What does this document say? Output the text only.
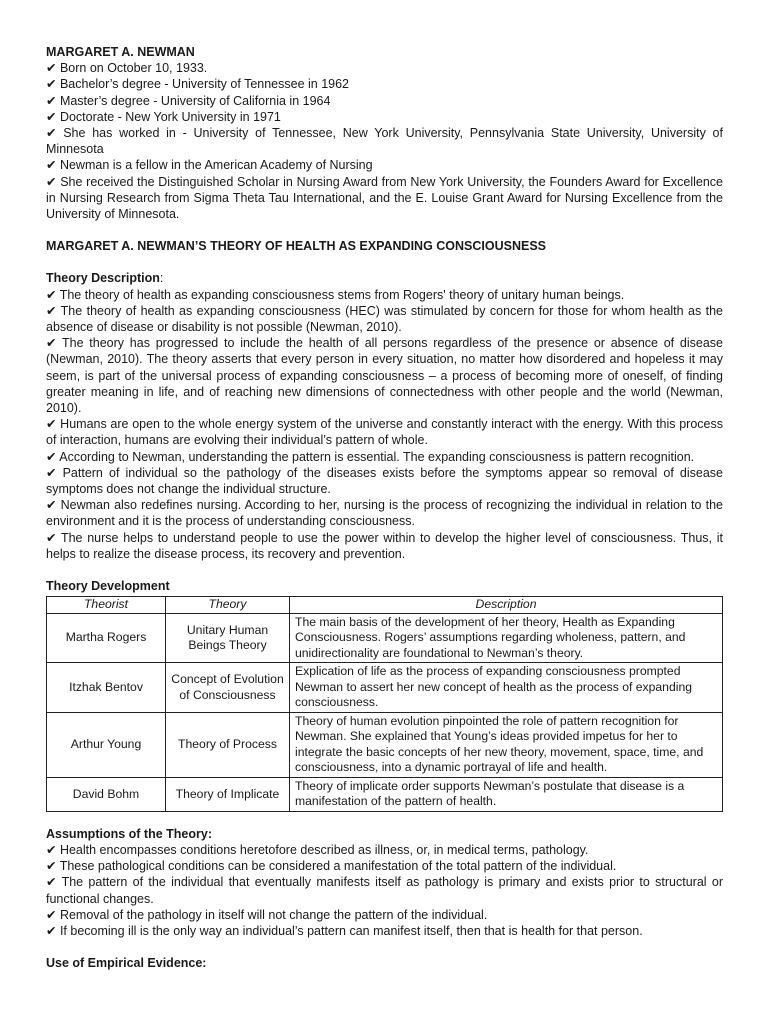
MARGARET A. NEWMAN

✔ Born on October 10, 1933.
✔ Bachelor’s degree - University of Tennessee in 1962
✔ Master’s degree - University of California in 1964
✔ Doctorate - New York University in 1971
✔ She has worked in - University of Tennessee, New York University, Pennsylvania State University, University of Minnesota
✔ Newman is a fellow in the American Academy of Nursing
✔ She received the Distinguished Scholar in Nursing Award from New York University, the Founders Award for Excellence in Nursing Research from Sigma Theta Tau International, and the E. Louise Grant Award for Nursing Excellence from the University of Minnesota.

MARGARET A. NEWMAN’S THEORY OF HEALTH AS EXPANDING CONSCIOUSNESS

Theory Description:

✔ The theory of health as expanding consciousness stems from Rogers' theory of unitary human beings.
✔ The theory of health as expanding consciousness (HEC) was stimulated by concern for those for whom health as the absence of disease or disability is not possible (Newman, 2010).
✔ The theory has progressed to include the health of all persons regardless of the presence or absence of disease (Newman, 2010). The theory asserts that every person in every situation, no matter how disordered and hopeless it may seem, is part of the universal process of expanding consciousness – a process of becoming more of oneself, of finding greater meaning in life, and of reaching new dimensions of connectedness with other people and the world (Newman, 2010).
✔ Humans are open to the whole energy system of the universe and constantly interact with the energy. With this process of interaction, humans are evolving their individual’s pattern of whole.
✔ According to Newman, understanding the pattern is essential. The expanding consciousness is pattern recognition.
✔ Pattern of individual so the pathology of the diseases exists before the symptoms appear so removal of disease symptoms does not change the individual structure.
✔ Newman also redefines nursing. According to her, nursing is the process of recognizing the individual in relation to the environment and it is the process of understanding consciousness.
✔ The nurse helps to understand people to use the power within to develop the higher level of consciousness. Thus, it helps to realize the disease process, its recovery and prevention.

Theory Development

Theorist	Theory	Description
Martha Rogers	Unitary Human Beings Theory	The main basis of the development of her theory, Health as Expanding Consciousness. Rogers’ assumptions regarding wholeness, pattern, and unidirectionality are foundational to Newman’s theory.
Itzhak Bentov	Concept of Evolution of Consciousness	Explication of life as the process of expanding consciousness prompted Newman to assert her new concept of health as the process of expanding consciousness.
Arthur Young	Theory of Process	Theory of human evolution pinpointed the role of pattern recognition for Newman. She explained that Young’s ideas provided impetus for her to integrate the basic concepts of her new theory, movement, space, time, and consciousness, into a dynamic portrayal of life and health.
David Bohm	Theory of Implicate	Theory of implicate order supports Newman’s postulate that disease is a manifestation of the pattern of health.

Assumptions of the Theory:

✔ Health encompasses conditions heretofore described as illness, or, in medical terms, pathology.
✔ These pathological conditions can be considered a manifestation of the total pattern of the individual.
✔ The pattern of the individual that eventually manifests itself as pathology is primary and exists prior to structural or functional changes.
✔ Removal of the pathology in itself will not change the pattern of the individual.
✔ If becoming ill is the only way an individual’s pattern can manifest itself, then that is health for that person.

Use of Empirical Evidence:
